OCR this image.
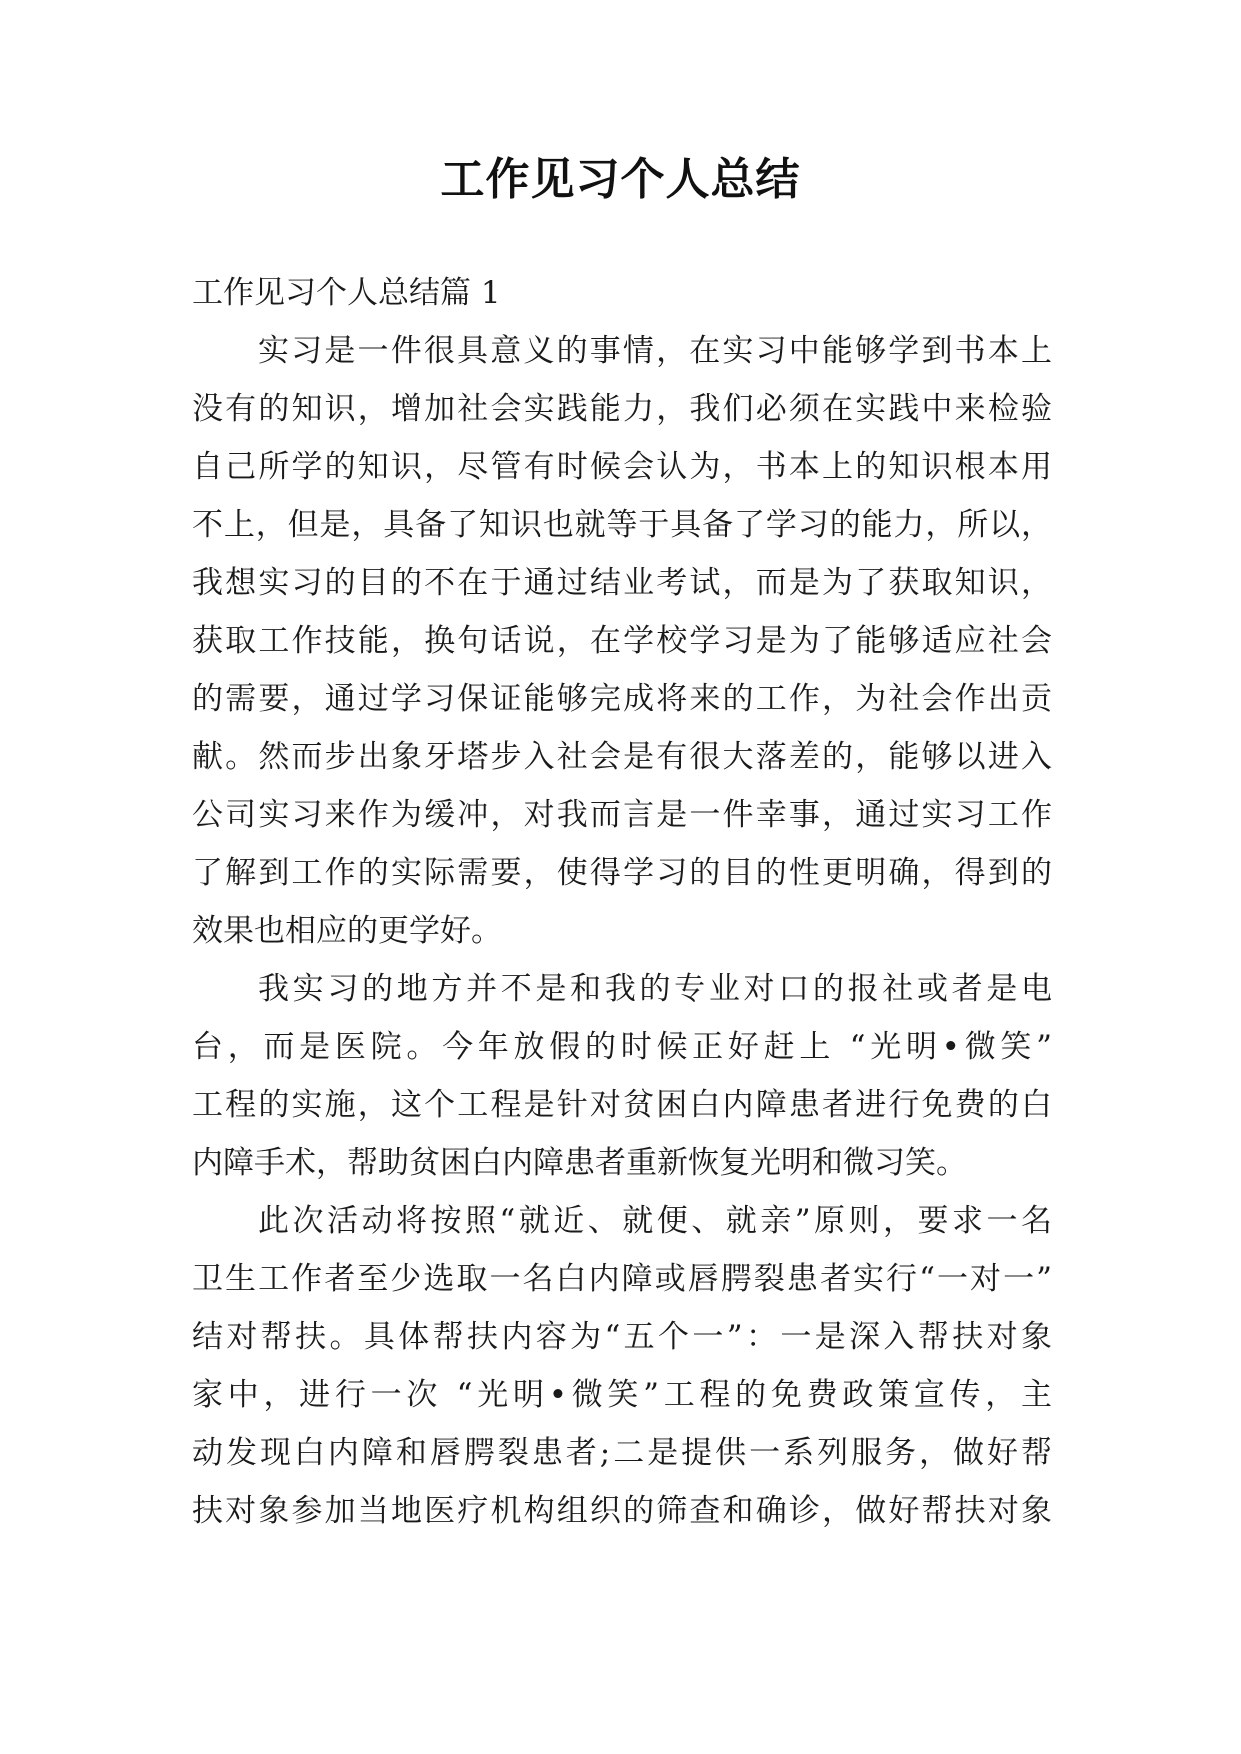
工作见习个人总结
工作见习个人总结篇 1
实习是一件很具意义的事情，在实习中能够学到书本上
没有的知识，增加社会实践能力，我们必须在实践中来检验
自己所学的知识，尽管有时候会认为，书本上的知识根本用
不上，但是，具备了知识也就等于具备了学习的能力，所以，
我想实习的目的不在于通过结业考试，而是为了获取知识，
获取工作技能，换句话说，在学校学习是为了能够适应社会
的需要，通过学习保证能够完成将来的工作，为社会作出贡
献。然而步出象牙塔步入社会是有很大落差的，能够以进入
公司实习来作为缓冲，对我而言是一件幸事，通过实习工作
了解到工作的实际需要，使得学习的目的性更明确，得到的
效果也相应的更学好。
我实习的地方并不是和我的专业对口的报社或者是电
台，而是医院。今年放假的时候正好赶上 “光明•微笑”
工程的实施，这个工程是针对贫困白内障患者进行免费的白
内障手术，帮助贫困白内障患者重新恢复光明和微习笑。
此次活动将按照“就近、就便、就亲”原则，要求一名
卫生工作者至少选取一名白内障或唇腭裂患者实行“一对一”
结对帮扶。具体帮扶内容为“五个一”：一是深入帮扶对象
家中，进行一次 “光明•微笑”工程的免费政策宣传，主
动发现白内障和唇腭裂患者;二是提供一系列服务，做好帮
扶对象参加当地医疗机构组织的筛查和确诊，做好帮扶对象
